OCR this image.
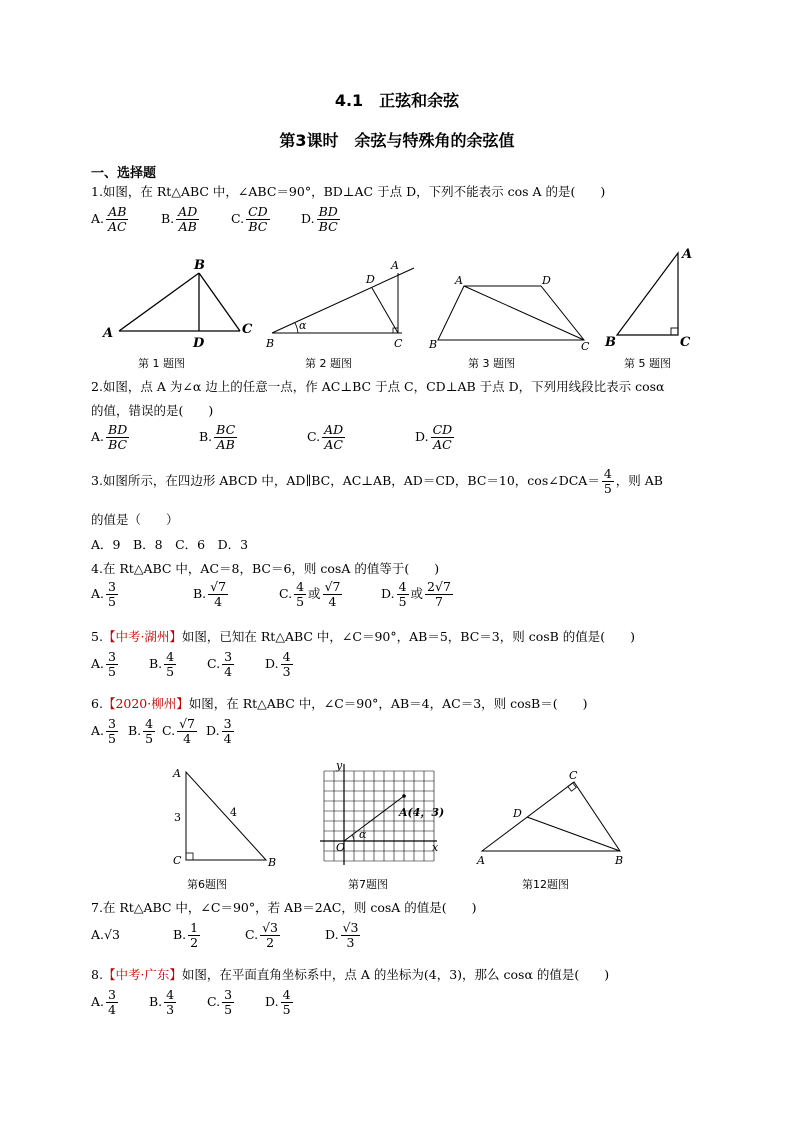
4.1　正弦和余弦
第3课时　余弦与特殊角的余弦值
一、选择题
1.如图，在 Rt△ABC 中，∠ABC＝90°，BD⊥AC 于点 D，下列不能表示 cos A 的是(　　)
A. $\frac{AB}{AC}$	B. $\frac{AD}{AB}$	C. $\frac{CD}{BC}$	D. $\frac{BD}{BC}$
A
B
C
D
第 1 题图
B	C
A
D
α
第 2 题图
B
A	D
C
第 3 题图
A
B	C
第 5 题图
2.如图，点 A 为∠α 边上的任意一点，作 AC⊥BC 于点 C，CD⊥AB 于点 D，下列用线段比表示 cosα
的值，错误的是(　　)
A. $\frac{BD}{BC}$	B. $\frac{BC}{AB}$	C. $\frac{AD}{AC}$	D. $\frac{CD}{AC}$
3.如图所示，在四边形 ABCD 中，AD∥BC，AC⊥AB，AD＝CD，BC＝10，cos∠DCA＝ $\frac{4}{5}$ ，则 AB
的值是（　　）
A．9　B．8　C．6　D．3
4.在 Rt△ABC 中，AC＝8，BC＝6，则 cosA 的值等于(　　)
A. $\frac{3}{5}$	B. $\frac{√7}{4}$	C. $\frac{4}{5}$ 或 $\frac{√7}{4}$	D. $\frac{4}{5}$ 或 $\frac{2√7}{7}$
5.【中考·湖州】如图，已知在 Rt△ABC 中，∠C＝90°，AB＝5，BC＝3，则 cosB 的值是(　　)
A. $\frac{3}{5} B$. $\frac{4}{5} C$. $\frac{3}{4} D$. $\frac{4}{3}$
6.【2020·柳州】如图，在 Rt△ABC 中，∠C＝90°，AB＝4，AC＝3，则 cosB＝(　　)
A. $\frac{3}{5} B$. $\frac{4}{5} C$. $\frac{√7}{4} D$. $\frac{3}{4}$
A
C	B
3	4
第6题图
y
x
O
A(4，3)
α
第7题图
C
D
A	B
第12题图
7.在 Rt△ABC 中，∠C＝90°，若 AB＝2AC，则 cosA 的值是(　　)
A.√3	B. $\frac{1}{2}$	C. $\frac{√3}{2}$	D. $\frac{√3}{3}$
8.【中考·广东】如图，在平面直角坐标系中，点 A 的坐标为(4，3)，那么 cosα 的值是(　　)
A. $\frac{3}{4} B$. $\frac{4}{3} C$. $\frac{3}{5} D$. $\frac{4}{5}$
